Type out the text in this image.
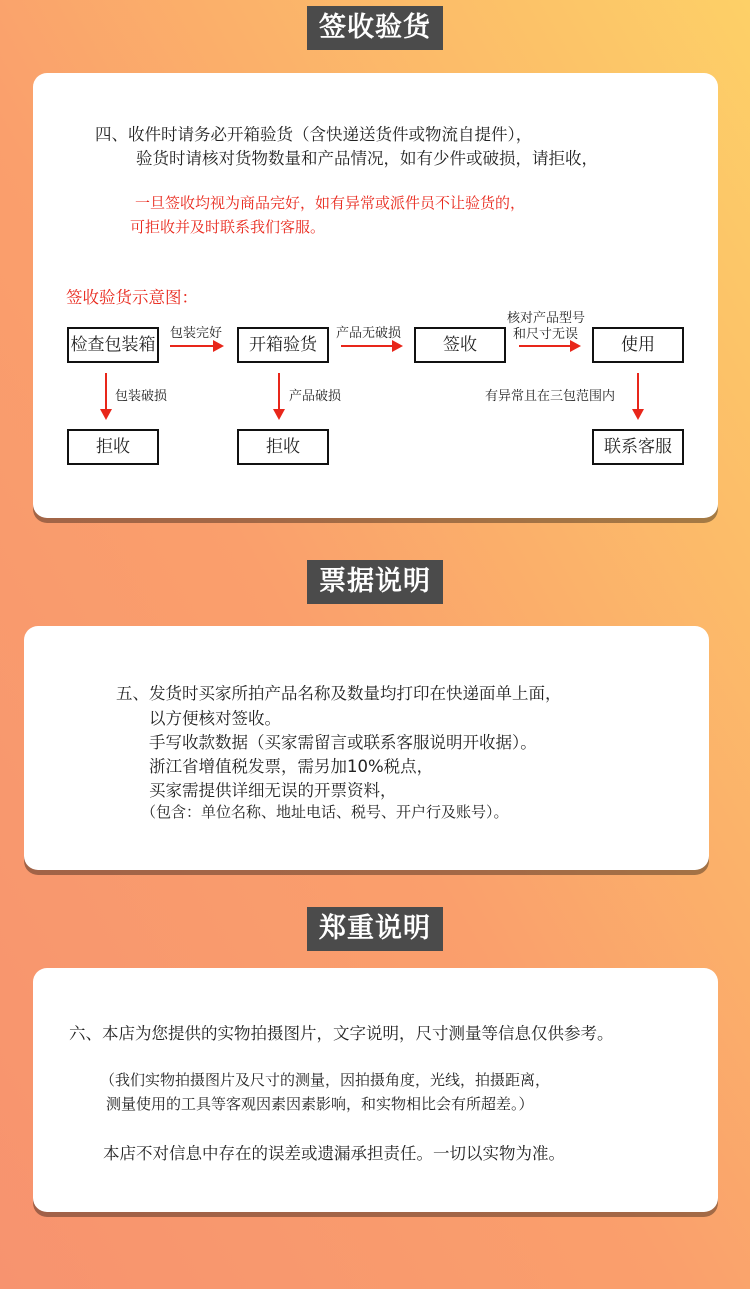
签收验货
四、收件时请务必开箱验货（含快递送货件或物流自提件），
验货时请核对货物数量和产品情况，如有少件或破损，请拒收，
一旦签收均视为商品完好，如有异常或派件员不让验货的，
可拒收并及时联系我们客服。
签收验货示意图：
检查包装箱	开箱验货	签收	使用
拒收	拒收	联系客服
包装完好	产品无破损
核对产品型号
和尺寸无误
包装破损	产品破损	有异常且在三包范围内
票据说明
五、发货时买家所拍产品名称及数量均打印在快递面单上面，
以方便核对签收。
手写收款数据（买家需留言或联系客服说明开收据）。
浙江省增值税发票，需另加10%税点，
买家需提供详细无误的开票资料，
（包含：单位名称、地址电话、税号、开户行及账号）。
郑重说明
六、本店为您提供的实物拍摄图片，文字说明，尺寸测量等信息仅供参考。
（我们实物拍摄图片及尺寸的测量，因拍摄角度，光线，拍摄距离，
测量使用的工具等客观因素因素影响，和实物相比会有所超差。）
本店不对信息中存在的误差或遗漏承担责任。一切以实物为准。
